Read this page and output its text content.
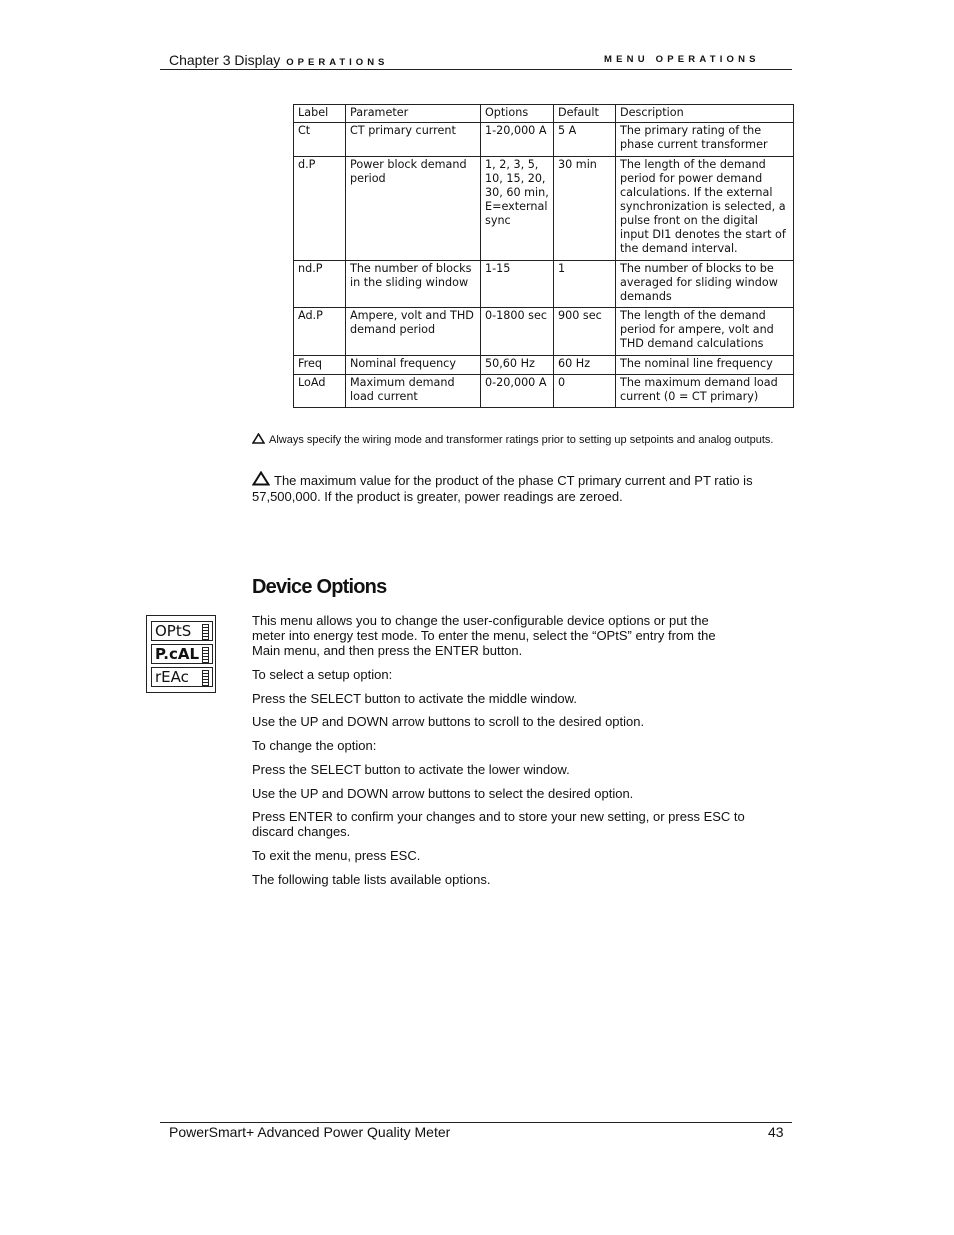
Chapter 3 Display OPERATIONS	MENU OPERATIONS
Label	Parameter	Options	Default	Description
Ct	CT primary current	1-20,000 A	5 A	The primary rating of the phase current transformer
d.P	Power block demand period	1, 2, 3, 5, 10, 15, 20, 30, 60 min, E=external sync	30 min	The length of the demand period for power demand calculations. If the external synchronization is selected, a pulse front on the digital input DI1 denotes the start of the demand interval.
nd.P	The number of blocks in the sliding window	1-15	1	The number of blocks to be averaged for sliding window demands
Ad.P	Ampere, volt and THD demand period	0-1800 sec	900 sec	The length of the demand period for ampere, volt and THD demand calculations
Freq	Nominal frequency	50,60 Hz	60 Hz	The nominal line frequency
LoAd	Maximum demand load current	0-20,000 A	0	The maximum demand load current (0 = CT primary)
Always specify the wiring mode and transformer ratings prior to setting up setpoints and analog outputs.
The maximum value for the product of the phase CT primary current and PT ratio is 57,500,000. If the product is greater, power readings are zeroed.
Device Options
OPtS
P.cAL
rEAc
This menu allows you to change the user-configurable device options or put the meter into energy test mode. To enter the menu, select the “OPtS” entry from the Main menu, and then press the ENTER button.
To select a setup option:
Press the SELECT button to activate the middle window.
Use the UP and DOWN arrow buttons to scroll to the desired option.
To change the option:
Press the SELECT button to activate the lower window.
Use the UP and DOWN arrow buttons to select the desired option.
Press ENTER to confirm your changes and to store your new setting, or press ESC to discard changes.
To exit the menu, press ESC.
The following table lists available options.
PowerSmart+ Advanced Power Quality Meter	43
